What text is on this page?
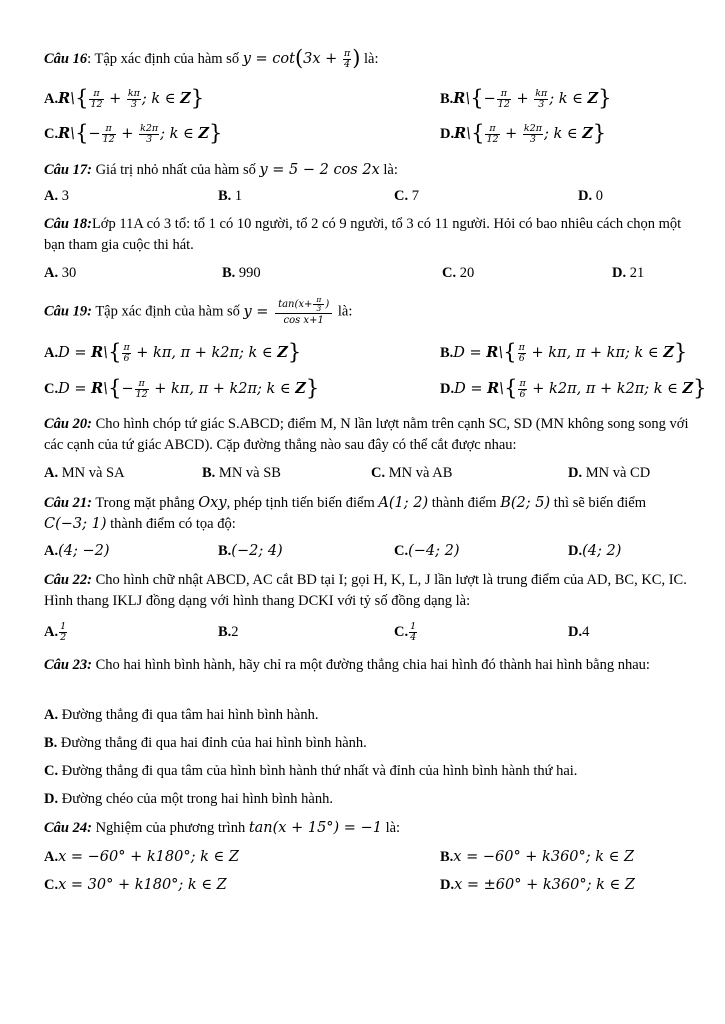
Câu 16: Tập xác định của hàm số $y = \cot(3x + \frac{\pi}{4}$ ) là:
A.R\{ $\frac{\pi}{12} + \frac{k\pi}{3}$ ; k ∈ Z}	B.R\{− $\frac{\pi}{12} + \frac{k\pi}{3}$ ; k ∈ Z}
C.R\{− $\frac{\pi}{12} + \frac{k2\pi}{3}$ ; k ∈ Z}	D.R\{ $\frac{\pi}{12} + \frac{k2\pi}{3}$ ; k ∈ Z}
Câu 17: Giá trị nhỏ nhất của hàm số y = 5 − 2 cos 2x là:
A. 3	B. 1	C. 7	D. 0
Câu 18:Lớp 11A có 3 tổ: tổ 1 có 10 người, tổ 2 có 9 người, tổ 3 có 11 người. Hỏi có bao nhiêu cách chọn một bạn tham gia cuộc thi hát.
A. 30	B. 990	C. 20	D. 21
Câu 19: Tập xác định của hàm số $y = \frac{\tan(x+ \frac{\pi}{3} )}{\text{cos x+1}}$ là:
A.D = R\{ $\frac{\pi}{6} + k\pi$, π + k2π; k ∈ Z}	B.D = R\{ $\frac{\pi}{6} + k\pi$, π + kπ; k ∈ Z}
C.D = R\{− $\frac{\pi}{12} + k\pi$, π + k2π; k ∈ Z}	D.D = R\{ $\frac{\pi}{6} + k2\pi$, π + k2π; k ∈ Z}
Câu 20: Cho hình chóp tứ giác S.ABCD; điểm M, N lần lượt nằm trên cạnh SC, SD (MN không song song với các cạnh của tứ giác ABCD). Cặp đường thẳng nào sau đây có thể cắt được nhau:
A. MN và SA	B. MN và SB	C. MN và AB	D. MN và CD
Câu 21: Trong mặt phẳng Oxy, phép tịnh tiến biến điểm A(1; 2) thành điểm B(2; 5) thì sẽ biến điểm C(−3; 1) thành điểm có tọa độ:
A.(4; −2)	B.(−2; 4)	C.(−4; 2)	D.(4; 2)
Câu 22: Cho hình chữ nhật ABCD, AC cắt BD tại I; gọi H, K, L, J lần lượt là trung điểm của AD, BC, KC, IC. Hình thang IKLJ đồng dạng với hình thang DCKI với tỷ số đồng dạng là:
A. $\frac{1}{2}$	B.2	C. $\frac{1}{4}$	D.4
Câu 23: Cho hai hình bình hành, hãy chỉ ra một đường thẳng chia hai hình đó thành hai hình bằng nhau:
A. Đường thẳng đi qua tâm hai hình bình hành.
B. Đường thẳng đi qua hai đỉnh của hai hình bình hành.
C. Đường thẳng đi qua tâm của hình bình hành thứ nhất và đỉnh của hình bình hành thứ hai.
D. Đường chéo của một trong hai hình bình hành.
Câu 24: Nghiệm của phương trình tan(x + 15°) = −1 là:
A.x = −60° + k180°; k ∈ Z	B.x = −60° + k360°; k ∈ Z
C.x = 30° + k180°; k ∈ Z	D.x = ±60° + k360°; k ∈ Z
